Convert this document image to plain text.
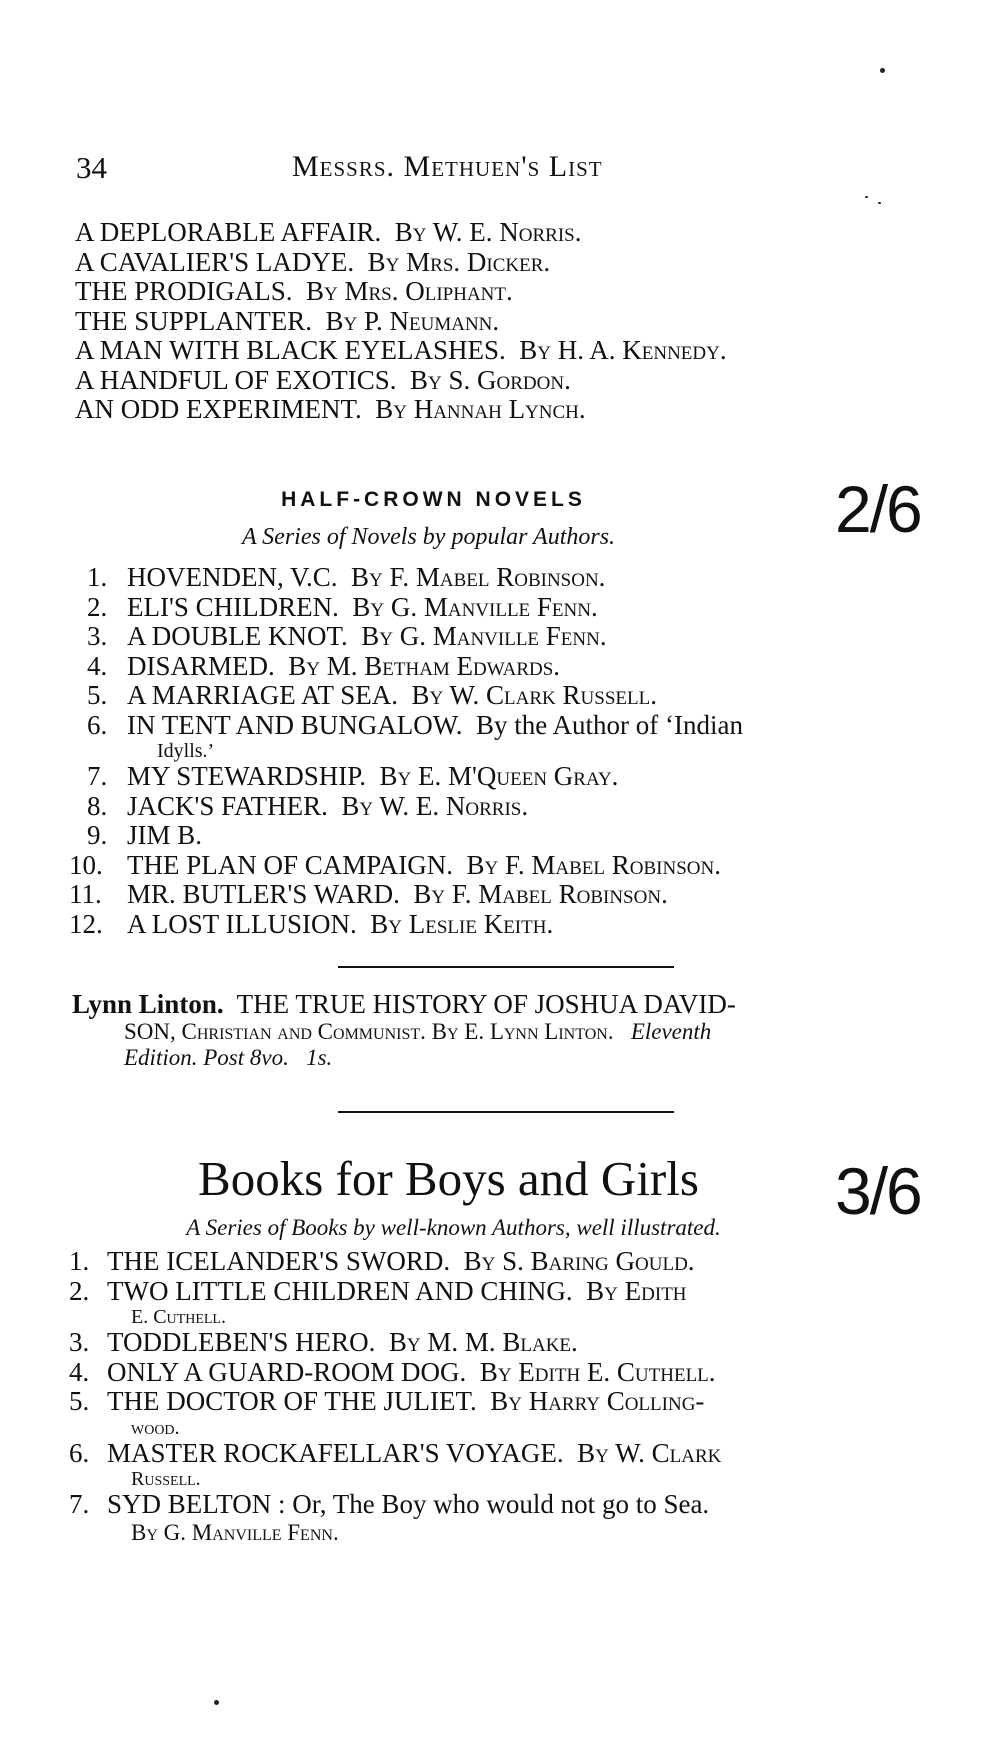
34	Messrs. Methuen's List
A DEPLORABLE AFFAIR. By W. E. Norris.
A CAVALIER'S LADYE. By Mrs. Dicker.
THE PRODIGALS. By Mrs. Oliphant.
THE SUPPLANTER. By P. Neumann.
A MAN WITH BLACK EYELASHES. By H. A. Kennedy.
A HANDFUL OF EXOTICS. By S. Gordon.
AN ODD EXPERIMENT. By Hannah Lynch.
HALF-CROWN NOVELS
A Series of Novels by popular Authors.	2/6
1. HOVENDEN, V.C. By F. Mabel Robinson.
2. ELI'S CHILDREN. By G. Manville Fenn.
3. A DOUBLE KNOT. By G. Manville Fenn.
4. DISARMED. By M. Betham Edwards.
5. A MARRIAGE AT SEA. By W. Clark Russell.
6. IN TENT AND BUNGALOW. By the Author of ‘Indian
Idylls.’
7. MY STEWARDSHIP. By E. M'Queen Gray.
8. JACK'S FATHER. By W. E. Norris.
9. JIM B.
10. THE PLAN OF CAMPAIGN. By F. Mabel Robinson.
11. MR. BUTLER'S WARD. By F. Mabel Robinson.
12. A LOST ILLUSION. By Leslie Keith.
Lynn Linton. THE TRUE HISTORY OF JOSHUA DAVID-
SON, Christian and Communist. By E. Lynn Linton. Eleventh
Edition. Post 8vo. 1s.
Books for Boys and Girls
A Series of Books by well-known Authors, well illustrated.	3/6
1. THE ICELANDER'S SWORD. By S. Baring Gould.
2. TWO LITTLE CHILDREN AND CHING. By Edith
E. Cuthell.
3. TODDLEBEN'S HERO. By M. M. Blake.
4. ONLY A GUARD-ROOM DOG. By Edith E. Cuthell.
5. THE DOCTOR OF THE JULIET. By Harry Colling-
wood.
6. MASTER ROCKAFELLAR'S VOYAGE. By W. Clark
Russell.
7. SYD BELTON : Or, The Boy who would not go to Sea.
By G. Manville Fenn.
